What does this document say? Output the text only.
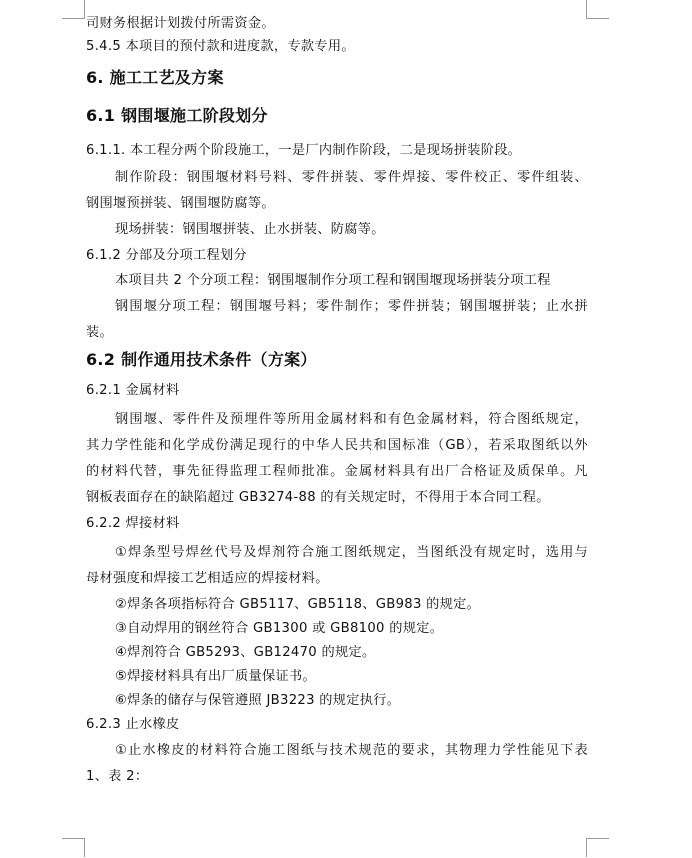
司财务根据计划拨付所需资金。
5.4.5 本项目的预付款和进度款，专款专用。
6. 施工工艺及方案
6.1 钢围堰施工阶段划分
6.1.1. 本工程分两个阶段施工，一是厂内制作阶段，二是现场拼装阶段。
制作阶段：钢围堰材料号料、零件拼装、零件焊接、零件校正、零件组装、
钢围堰预拼装、钢围堰防腐等。
现场拼装：钢围堰拼装、止水拼装、防腐等。
6.1.2 分部及分项工程划分
本项目共 2 个分项工程：钢围堰制作分项工程和钢围堰现场拼装分项工程
钢围堰分项工程：钢围堰号料；零件制作；零件拼装；钢围堰拼装；止水拼
装。
6.2 制作通用技术条件（方案）
6.2.1 金属材料
钢围堰、零件件及预埋件等所用金属材料和有色金属材料，符合图纸规定，
其力学性能和化学成份满足现行的中华人民共和国标准（GB），若采取图纸以外
的材料代替，事先征得监理工程师批准。金属材料具有出厂合格证及质保单。凡
钢板表面存在的缺陷超过 GB3274-88 的有关规定时，不得用于本合同工程。
6.2.2 焊接材料
①焊条型号焊丝代号及焊剂符合施工图纸规定，当图纸没有规定时，选用与
母材强度和焊接工艺相适应的焊接材料。
②焊条各项指标符合 GB5117、GB5118、GB983 的规定。
③自动焊用的钢丝符合 GB1300 或 GB8100 的规定。
④焊剂符合 GB5293、GB12470 的规定。
⑤焊接材料具有出厂质量保证书。
⑥焊条的储存与保管遵照 JB3223 的规定执行。
6.2.3 止水橡皮
①止水橡皮的材料符合施工图纸与技术规范的要求，其物理力学性能见下表
1、表 2：
